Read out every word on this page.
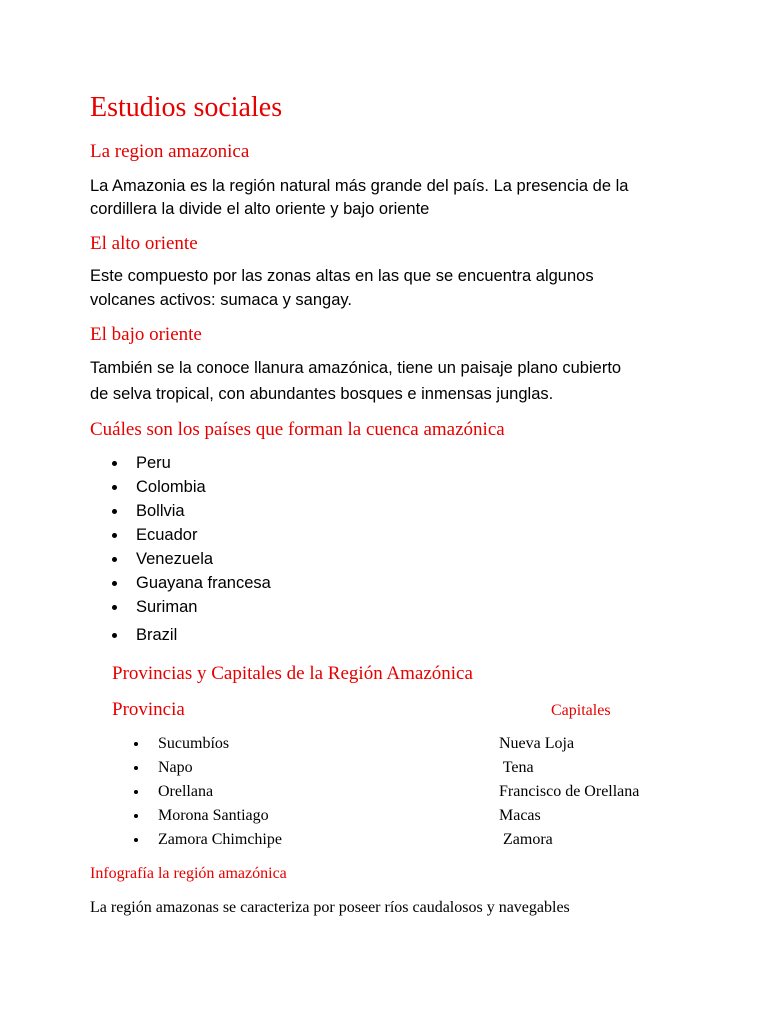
Estudios sociales
La region amazonica

La Amazonia es la región natural más grande del país. La presencia de la

cordillera la divide el alto oriente y bajo oriente

El alto oriente

Este compuesto por las zonas altas en las que se encuentra algunos

volcanes activos: sumaca y sangay.

El bajo oriente

También se la conoce llanura amazónica, tiene un paisaje plano cubierto

de selva tropical, con abundantes bosques e inmensas junglas.

Cuáles son los países que forman la cuenca amazónica
Peru
Colombia
Bollvia
Ecuador
Venezuela
Guayana francesa
Suriman
Brazil
Provincias y Capitales de la Región Amazónica
Provincia	Capitales
Sucumbíos
Napo
Orellana
Morona Santiago
Zamora Chimchipe
Nueva Loja
Tena
Francisco de Orellana
Macas
Zamora
Infografía la región amazónica

La región amazonas se caracteriza por poseer ríos caudalosos y navegables
